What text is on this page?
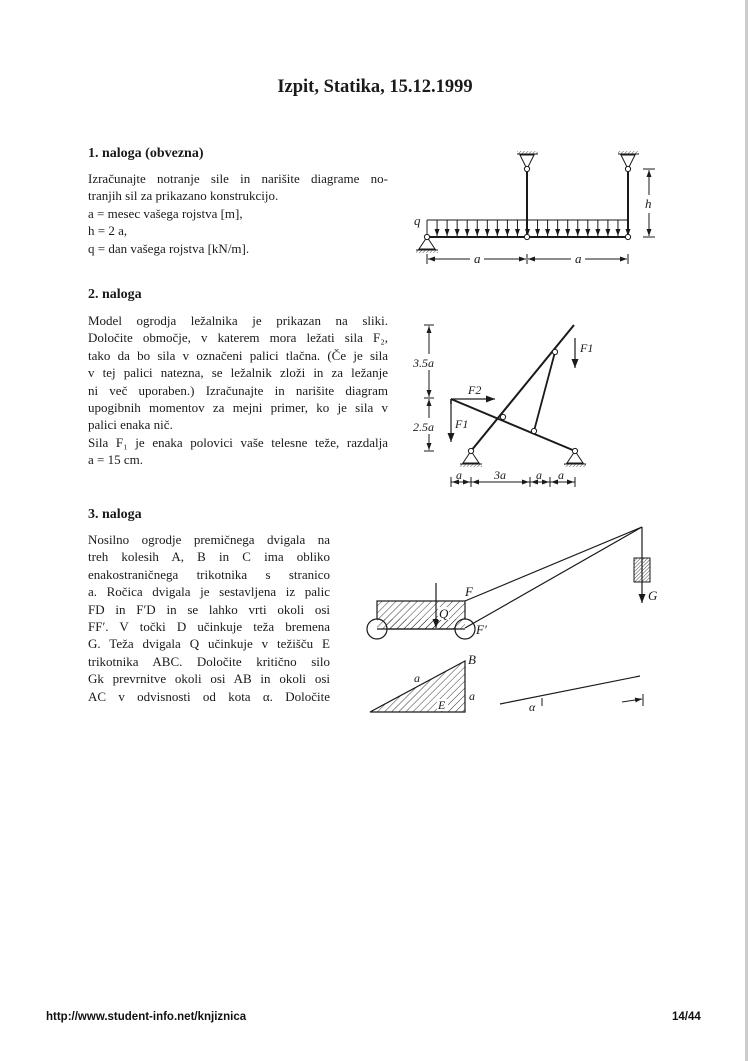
Izpit, Statika, 15.12.1999
1. naloga (obvezna)
Izračunajte notranje sile in narišite diagrame no-
tranjih sil za prikazano konstrukcijo.
a = mesec vašega rojstva [m],
h = 2 a,
q = dan vašega rojstva [kN/m].
2. naloga
Model ogrodja ležalnika je prikazan na sliki.
Določite območje, v katerem mora ležati sila F₂,
tako da bo sila v označeni palici tlačna. (Če je sila
v tej palici natezna, se ležalnik zloži in za ležanje
ni več uporaben.) Izračunajte in narišite diagram
upogibnih momentov za mejni primer, ko je sila v
palici enaka nič.
Sila F₁ je enaka polovici vaše telesne teže, razdalja
a = 15 cm.
3. naloga
Nosilno ogrodje premičnega dvigala na
treh kolesih A, B in C ima obliko
enakostraničnega trikotnika s stranico
a. Ročica dvigala je sestavljena iz palic
FD in F′D in se lahko vrti okoli osi
FF′. V točki D učinkuje teža bremena
G. Teža dvigala Q učinkuje v težišču E
trikotnika ABC. Določite kritično silo
Gk prevrnitve okoli osi AB in okoli osi
AC v odvisnosti od kota α. Določite
q
h
a	a
F1
F1
F2
3.5a
2.5a
a	3a	a a
Q
F
F′
G
B
a
a
E	α
http://www.student-info.net/knjiznica	14/44
